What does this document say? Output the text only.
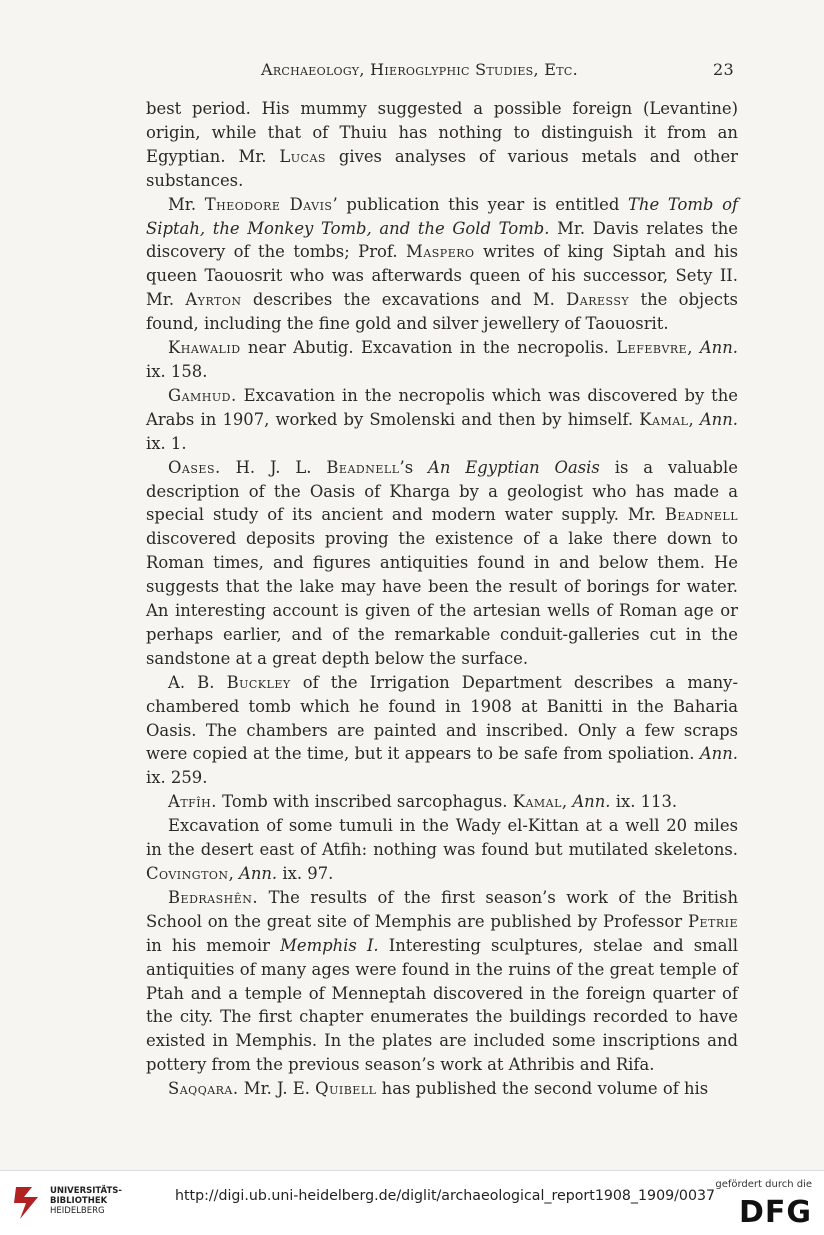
Archaeology, Hieroglyphic Studies, Etc.	23

best period. His mummy suggested a possible foreign (Levantine) origin, while that of Thuiu has nothing to distinguish it from an Egyptian. Mr. Lucas gives analyses of various metals and other substances.

Mr. Theodore Davis’ publication this year is entitled The Tomb of Siptah, the Monkey Tomb, and the Gold Tomb. Mr. Davis relates the discovery of the tombs; Prof. Maspero writes of king Siptah and his queen Taouosrit who was afterwards queen of his successor, Sety II. Mr. Ayrton describes the excavations and M. Daressy the objects found, including the fine gold and silver jewellery of Taouosrit.

Khawalid near Abutig. Excavation in the necropolis. Lefebvre, Ann. ix. 158.

Gamhud. Excavation in the necropolis which was discovered by the Arabs in 1907, worked by Smolenski and then by himself. Kamal, Ann. ix. 1.

Oases. H. J. L. Beadnell’s An Egyptian Oasis is a valuable description of the Oasis of Kharga by a geologist who has made a special study of its ancient and modern water supply. Mr. Beadnell discovered deposits proving the existence of a lake there down to Roman times, and figures antiquities found in and below them. He suggests that the lake may have been the result of borings for water. An interesting account is given of the artesian wells of Roman age or perhaps earlier, and of the remarkable conduit-galleries cut in the sandstone at a great depth below the surface.

A. B. Buckley of the Irrigation Department describes a many-chambered tomb which he found in 1908 at Banitti in the Baharia Oasis. The chambers are painted and inscribed. Only a few scraps were copied at the time, but it appears to be safe from spoliation. Ann. ix. 259.

Atfîh. Tomb with inscribed sarcophagus. Kamal, Ann. ix. 113.

Excavation of some tumuli in the Wady el-Kittan at a well 20 miles in the desert east of Atfih: nothing was found but mutilated skeletons. Covington, Ann. ix. 97.

Bedrashên. The results of the first season’s work of the British School on the great site of Memphis are published by Professor Petrie in his memoir Memphis I. Interesting sculptures, stelae and small antiquities of many ages were found in the ruins of the great temple of Ptah and a temple of Menneptah discovered in the foreign quarter of the city. The first chapter enumerates the buildings recorded to have existed in Memphis. In the plates are included some inscriptions and pottery from the previous season’s work at Athribis and Rifa.

Saqqara. Mr. J. E. Quibell has published the second volume of his

UNIVERSITÄTS-
BIBLIOTHEK
HEIDELBERG
http://digi.ub.uni-heidelberg.de/diglit/archaeological_report1908_1909/0037
gefördert durch die
DFG
